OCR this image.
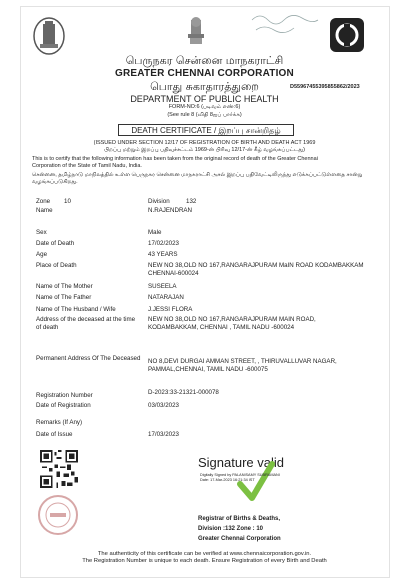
பெருநகர சென்னை மாநகராட்சி
GREATER CHENNAI CORPORATION
பொது சுகாதாரத்துறை
DEPARTMENT OF PUBLIC HEALTH
FORM-NO:6 (படிவம் எண்:6)
(See rule 8 (விதி 8ஐப் பார்க்க)
D55967455395855862/2023
DEATH CERTIFICATE / இறப்பு சான்றிதழ்
(ISSUED UNDER SECTION 12/17 OF REGISTRATION OF BIRTH AND DEATH ACT 1969
பிறப்பு மற்றும் இறப்பு பதிவுச்சட்டம் 1969-ன் பிரிவு 12/17-ன் கீழ் வழங்கப்பட்டது)
This is to certify that the following information has been taken from the original record of death of the Greater Chennai
Corporation of the State of Tamil Nadu, India.
சென்னை, தமிழ்நாடு மாநிலத்தில் உள்ள பெருநகர சென்னை மாநகராட்சி அசல் இறப்பு பதிவேட்டிலிருந்து எடுக்கப்பட்டுள்ளதை சான்று
வழங்கப்படுகிறது.
Zone 10	Division	132
Name	N.RAJENDRAN
Sex	Male
Date of Death	17/02/2023
Age	43 YEARS
Place of Death	NEW NO 38,OLD NO 167,RANGARAJPURAM MaIN ROAD KODAMBAKKAM
CHENNAI-600024
Name of The Mother	SUSEELA
Name of The Father	NATARAJAN
Name of The Husband / Wife	J.JESSI FLORA
Address of the deceased at the time
of death
NEW NO 38,OLD NO 167,RANGARAJPURAM MAIN ROAD,
KODAMBAKKAM, CHENNAI , TAMIL NADU -600024
Permanent Address Of The Deceased NO 8,DEVI DURGAI AMMAN STREET, , THIRUVALLUVAR NAGAR,
PAMMAL,CHENNAI, TAMIL NADU -600075
Registration Number	D-2023:33-21321-000078
Date of Registration	03/03/2023
Remarks (If Any)
Date of Issue	17/03/2023
Signature valid
Digitally Signed by PALANISAMY SUBRAMANI
Date: 17-Mar-2023 16:21:34 IST
Registrar of Births & Deaths,
Division :132 Zone : 10
Greater Chennai Corporation
The authenticity of this certificate can be verified at www.chennaicorporation.gov.in.
The Registration Number is unique to each death. Ensure Registration of every Birth and Death
